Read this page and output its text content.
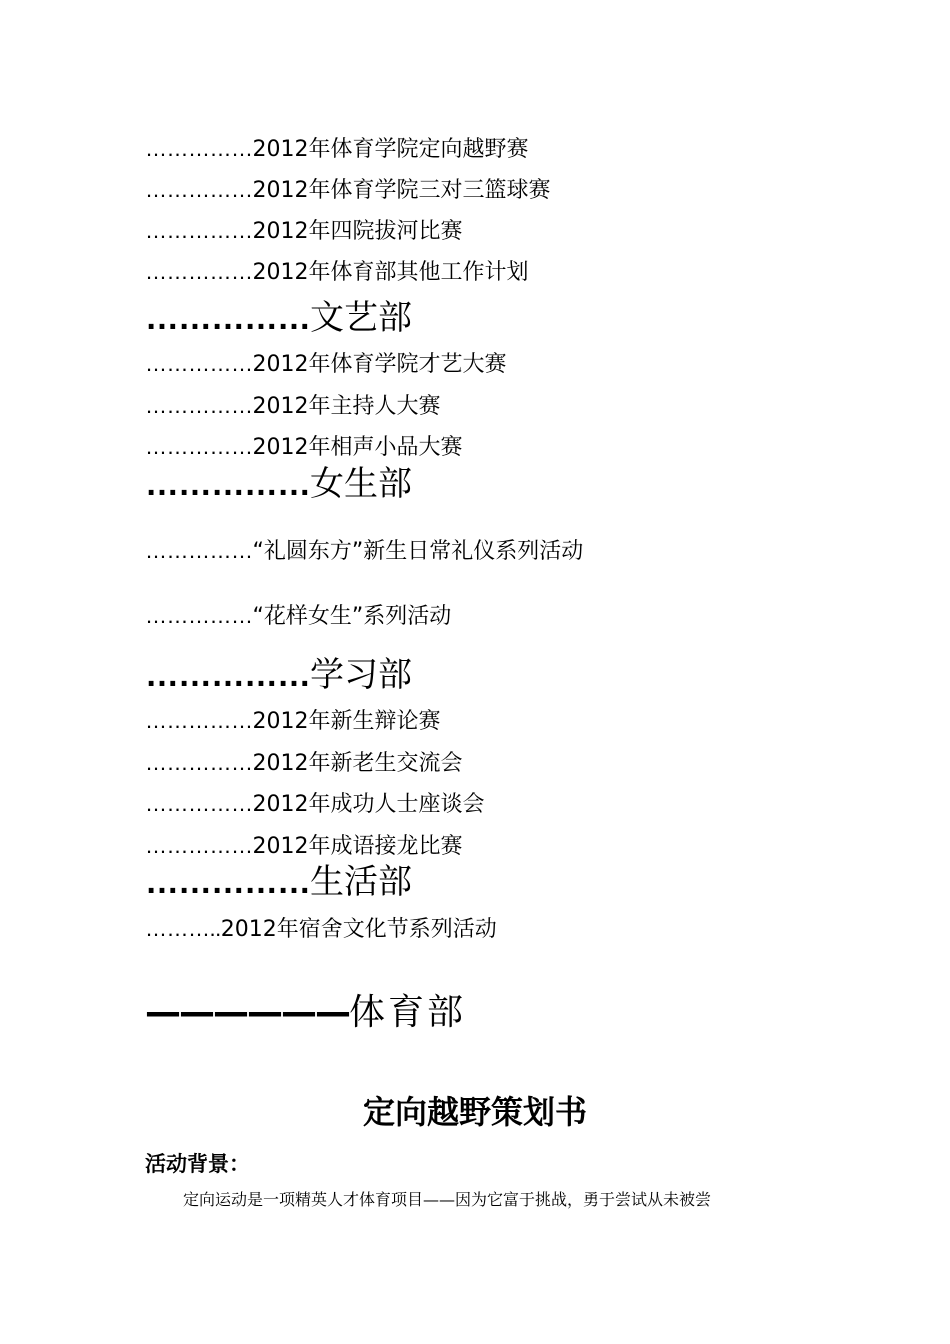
……………2012年体育学院定向越野赛
……………2012年体育学院三对三篮球赛
……………2012年四院拔河比赛
……………2012年体育部其他工作计划
……………文艺部
……………2012年体育学院才艺大赛
……………2012年主持人大赛
……………2012年相声小品大赛
……………女生部
……………“礼圆东方”新生日常礼仪系列活动
……………“花样女生”系列活动
……………学习部
……………2012年新生辩论赛
……………2012年新老生交流会
……………2012年成功人士座谈会
……………2012年成语接龙比赛
……………生活部
………..2012年宿舍文化节系列活动
——————体育部
定向越野策划书
活动背景：
定向运动是一项精英人才体育项目——因为它富于挑战，勇于尝试从未被尝
